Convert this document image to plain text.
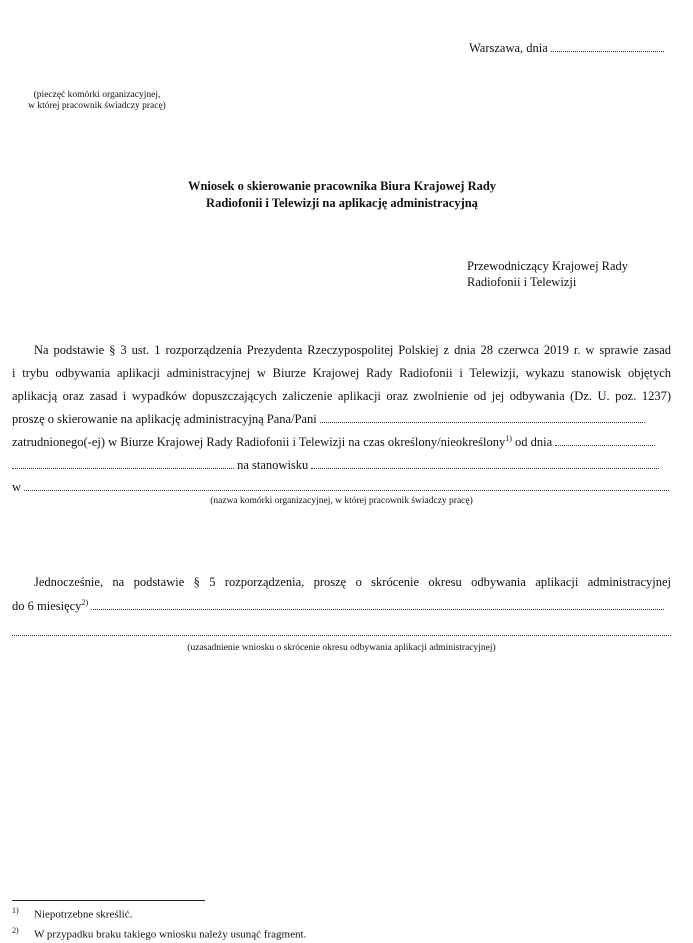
Warszawa, dnia
(pieczęć komórki organizacyjnej,
w której pracownik świadczy pracę)
Wniosek o skierowanie pracownika Biura Krajowej Rady
Radiofonii i Telewizji na aplikację administracyjną
Przewodniczący Krajowej Rady
Radiofonii i Telewizji
Na podstawie § 3 ust. 1 rozporządzenia Prezydenta Rzeczypospolitej Polskiej z dnia 28 czerwca 2019 r. w sprawie zasad
i trybu odbywania aplikacji administracyjnej w Biurze Krajowej Rady Radiofonii i Telewizji, wykazu stanowisk objętych
aplikacją oraz zasad i wypadków dopuszczających zaliczenie aplikacji oraz zwolnienie od jej odbywania (Dz. U. poz. 1237)
proszę o skierowanie na aplikację administracyjną Pana/Pani
zatrudnionego(-ej) w Biurze Krajowej Rady Radiofonii i Telewizji na czas określony/nieokreślony$^{1)}$ od dnia
na stanowisku
w
(nazwa komórki organizacyjnej, w której pracownik świadczy pracę)
Jednocześnie, na podstawie § 5 rozporządzenia, proszę o skrócenie okresu odbywania aplikacji administracyjnej
do 6 miesięcy$^{2)}$
(uzasadnienie wniosku o skrócenie okresu odbywania aplikacji administracyjnej)
1) Niepotrzebne skreślić.
2) W przypadku braku takiego wniosku należy usunąć fragment.
